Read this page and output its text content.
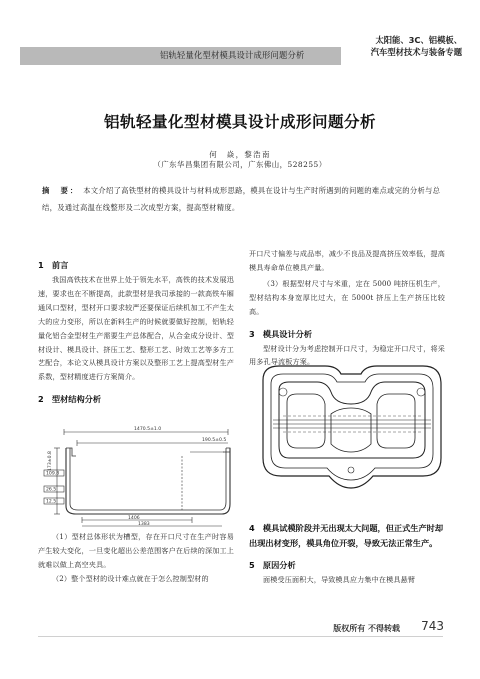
铝轨轻量化型材模具设计成形问题分析
太阳能、3C、铝模板、
汽车型材技术与装备专题
铝轨轻量化型材模具设计成形问题分析
何　焱，黎浩南
（广东华昌集团有限公司，广东佛山，528255）
摘　要： 本文介绍了高铁型材的模具设计与材料成形思路，模具在设计与生产时所遇到的问题的难点或完的分析与总结，及通过高温在线整形及二次成型方案，提高型材精度。
1　前言
我国高铁技术在世界上处于领先水平，高铁的技术发展迅速，要求也在不断提高，此款型材是我司承接的一款高铁车厢通风口型材，型材开口要求较严还要保证后续机加工不产生太大的应力变形，所以在新料生产的时候就要做好控制，铝轨轻量化铝合金型材生产需要生产总体配合，从合金成分设计、型材设计、模具设计、挤压工艺、整形工艺、时效工艺等多方工艺配合，本论文从模具设计方案以及整形工艺上提高型材生产系数，型材精度进行方案简介。
2　型材结构分析
（1）型材总体形状为槽型，存在开口尺寸在生产时容易产生较大变化，一旦变化超出公差范围客户在后续的深加工上就难以做上高空夹具。
（2）整个型材的设计难点就在于怎么控制型材的
1470.5±1.0
190.5±0.5
173±0.8
1406
109.8
1383
26.5
12.5
开口尺寸偏差与成品率，减少不良品及提高挤压效率低，提高模具寿命单位模具产量。
（3）根据型材尺寸与米重，定在 5000 吨挤压机生产，型材结构本身宽厚比过大，在 5000t 挤压上生产挤压比较高。
3　模具设计分析
型材设计分为考虑控制开口尺寸，为稳定开口尺寸，将采用多孔导流板方案。
4　模具试模阶段并无出现太大问题，但正式生产时却出现出材变形，模具角位开裂，导致无法正常生产。
5　原因分析
面模受压面积大，导致模具应力集中在模具悬臂
版权所有 不得转载 743
